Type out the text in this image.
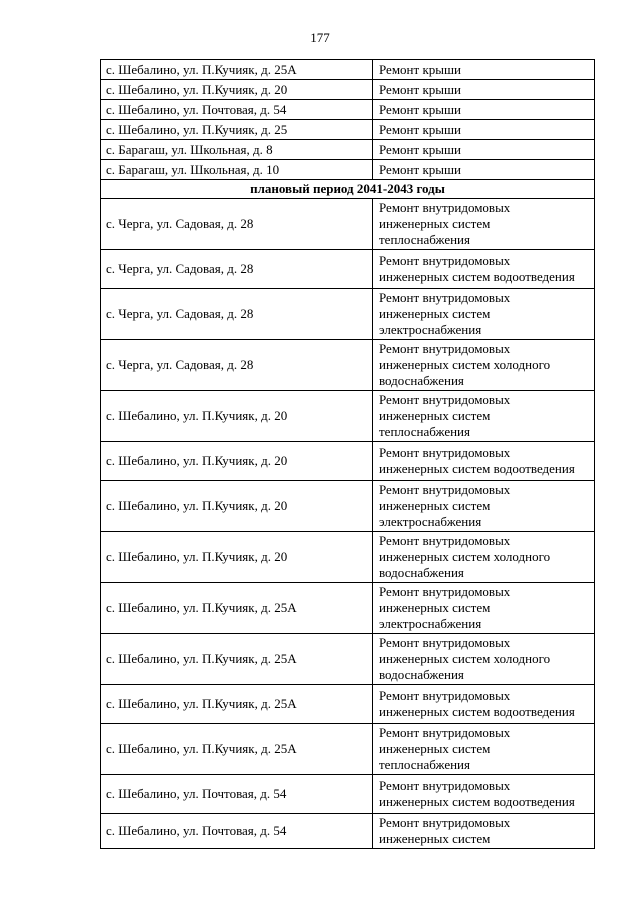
177
с. Шебалино, ул. П.Кучияк, д. 25А	Ремонт крыши

с. Шебалино, ул. П.Кучияк, д. 20	Ремонт крыши

с. Шебалино, ул. Почтовая, д. 54	Ремонт крыши

с. Шебалино, ул. П.Кучияк, д. 25	Ремонт крыши

с. Барагаш, ул. Школьная, д. 8	Ремонт крыши

с. Барагаш, ул. Школьная, д. 10	Ремонт крыши

плановый период 2041-2043 годы	
с. Черга, ул. Садовая, д. 28	Ремонт внутридомовых
инженерных систем
теплоснабжения

с. Черга, ул. Садовая, д. 28	Ремонт внутридомовых
инженерных систем водоотведения

с. Черга, ул. Садовая, д. 28	Ремонт внутридомовых
инженерных систем
электроснабжения

с. Черга, ул. Садовая, д. 28	Ремонт внутридомовых
инженерных систем холодного
водоснабжения

с. Шебалино, ул. П.Кучияк, д. 20	Ремонт внутридомовых
инженерных систем
теплоснабжения

с. Шебалино, ул. П.Кучияк, д. 20	Ремонт внутридомовых
инженерных систем водоотведения

с. Шебалино, ул. П.Кучияк, д. 20	Ремонт внутридомовых
инженерных систем
электроснабжения

с. Шебалино, ул. П.Кучияк, д. 20	Ремонт внутридомовых
инженерных систем холодного
водоснабжения

с. Шебалино, ул. П.Кучияк, д. 25А	Ремонт внутридомовых
инженерных систем
электроснабжения

с. Шебалино, ул. П.Кучияк, д. 25А	Ремонт внутридомовых
инженерных систем холодного
водоснабжения

с. Шебалино, ул. П.Кучияк, д. 25А	Ремонт внутридомовых
инженерных систем водоотведения

с. Шебалино, ул. П.Кучияк, д. 25А	Ремонт внутридомовых
инженерных систем
теплоснабжения

с. Шебалино, ул. Почтовая, д. 54	Ремонт внутридомовых
инженерных систем водоотведения

с. Шебалино, ул. Почтовая, д. 54	Ремонт внутридомовых
инженерных систем
